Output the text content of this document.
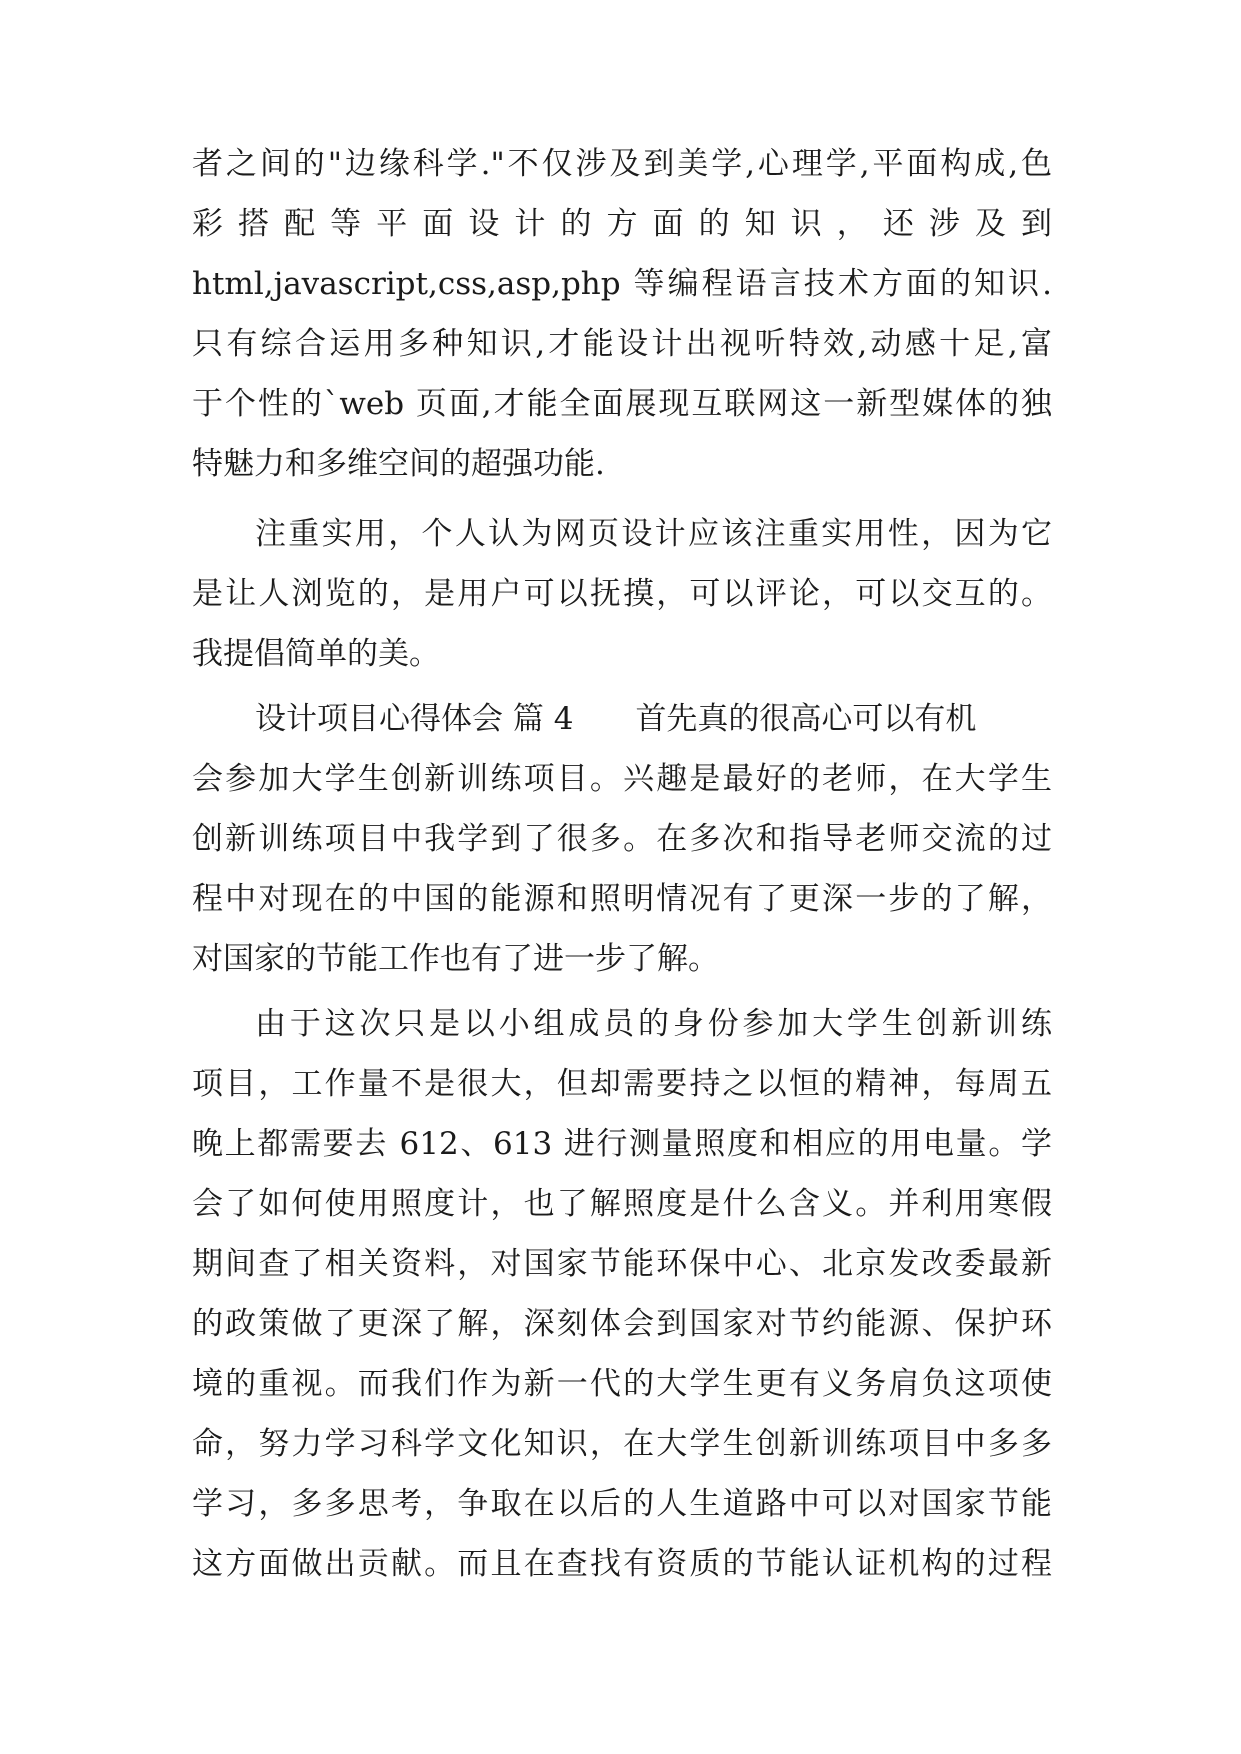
者之间的"边缘科学."不仅涉及到美学,心理学,平面构成,色
彩 搭 配 等 平 面 设 计 的 方 面 的 知 识 ， 还 涉 及 到
html,javascript,css,asp,php 等编程语言技术方面的知识.
只有综合运用多种知识,才能设计出视听特效,动感十足,富
于个性的`web 页面,才能全面展现互联网这一新型媒体的独
特魅力和多维空间的超强功能.
注重实用，个人认为网页设计应该注重实用性，因为它
是让人浏览的，是用户可以抚摸，可以评论，可以交互的。
我提倡简单的美。
设计项目心得体会 篇 4 首先真的很高心可以有机
会参加大学生创新训练项目。兴趣是最好的老师，在大学生
创新训练项目中我学到了很多。在多次和指导老师交流的过
程中对现在的中国的能源和照明情况有了更深一步的了解，
对国家的节能工作也有了进一步了解。
由于这次只是以小组成员的身份参加大学生创新训练
项目，工作量不是很大，但却需要持之以恒的精神，每周五
晚上都需要去 612、613 进行测量照度和相应的用电量。学
会了如何使用照度计，也了解照度是什么含义。并利用寒假
期间查了相关资料，对国家节能环保中心、北京发改委最新
的政策做了更深了解，深刻体会到国家对节约能源、保护环
境的重视。而我们作为新一代的大学生更有义务肩负这项使
命，努力学习科学文化知识，在大学生创新训练项目中多多
学习，多多思考，争取在以后的人生道路中可以对国家节能
这方面做出贡献。而且在查找有资质的节能认证机构的过程
